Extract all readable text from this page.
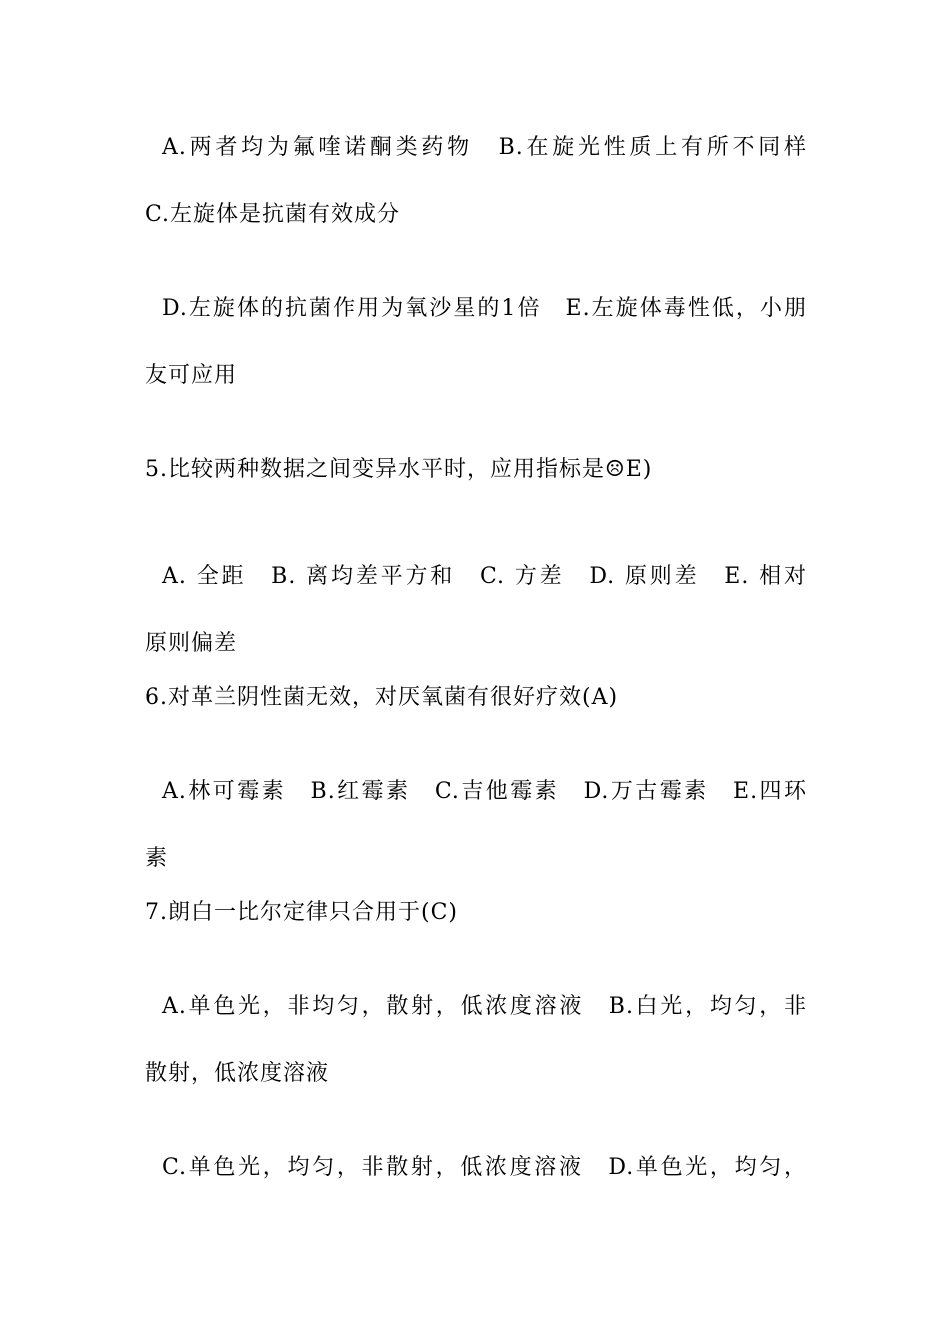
A.两者均为氟喹诺酮类药物　B.在旋光性质上有所不同样
C.左旋体是抗菌有效成分
D.左旋体的抗菌作用为氧沙星的1倍　E.左旋体毒性低，小朋
友可应用
5.比较两种数据之间变异水平时，应用指标是☹E)
A. 全距　B. 离均差平方和　C. 方差　D. 原则差　E. 相对
原则偏差
6.对革兰阴性菌无效，对厌氧菌有很好疗效(A)
A.林可霉素　B.红霉素　C.吉他霉素　D.万古霉素　E.四环
素
7.朗白一比尔定律只合用于(C)
A.单色光，非均匀，散射，低浓度溶液　B.白光，均匀，非
散射，低浓度溶液
C.单色光，均匀，非散射，低浓度溶液　D.单色光，均匀，
